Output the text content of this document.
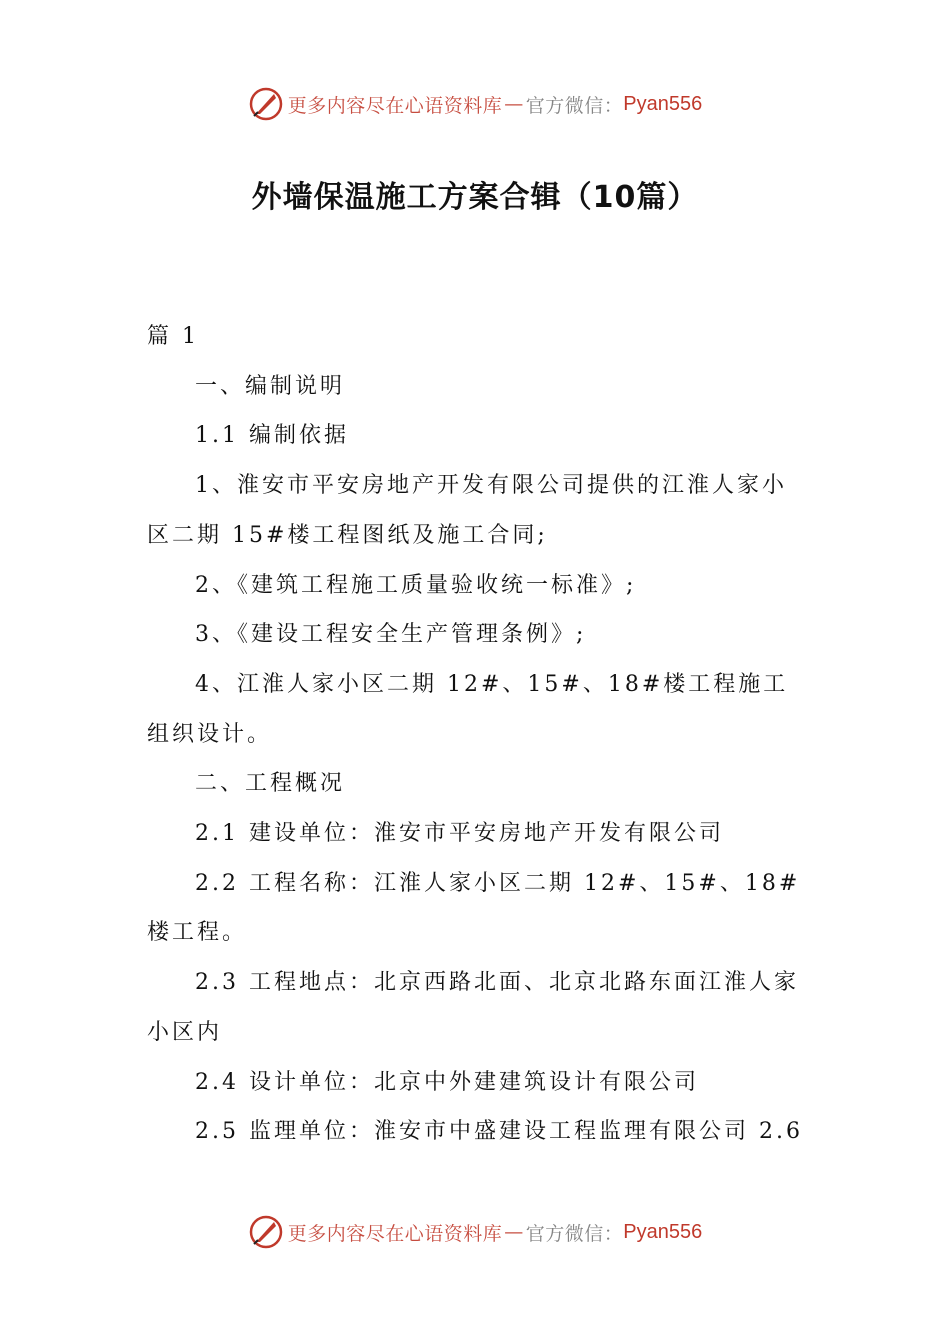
更多内容尽在心语资料库 — 官方微信： Pyan556
外墙保温施工方案合辑（10篇）

篇 1

一、编制说明

1.1 编制依据

1、淮安市平安房地产开发有限公司提供的江淮人家小区二期 15#楼工程图纸及施工合同;

2、《建筑工程施工质量验收统一标准》;

3、《建设工程安全生产管理条例》;

4、江淮人家小区二期 12#、15#、18#楼工程施工组织设计。

二、工程概况

2.1 建设单位：淮安市平安房地产开发有限公司

2.2 工程名称：江淮人家小区二期 12#、15#、18#楼工程。

2.3 工程地点：北京西路北面、北京北路东面江淮人家小区内

2.4 设计单位：北京中外建建筑设计有限公司

2.5 监理单位：淮安市中盛建设工程监理有限公司 2.6

更多内容尽在心语资料库 — 官方微信： Pyan556
